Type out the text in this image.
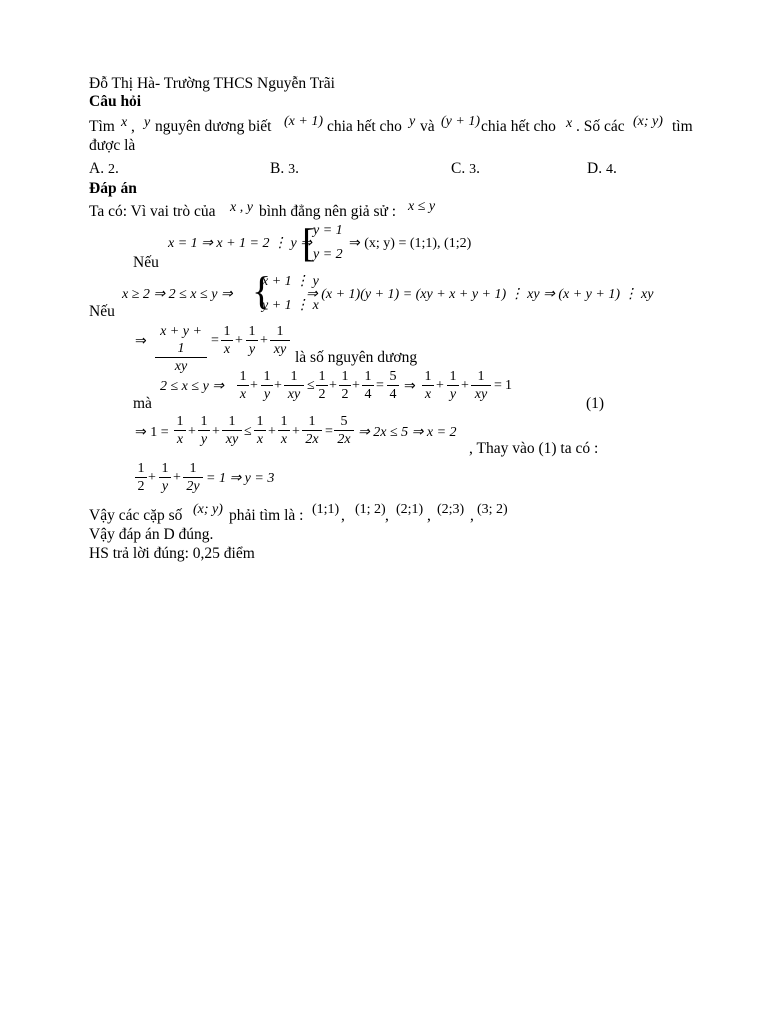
Đỗ Thị Hà- Trường THCS Nguyễn Trãi
Câu hỏi
Tìm x , y nguyên dương biết (x + 1) chia hết cho y và (y + 1) chia hết cho x . Số các (x; y) tìm
được là
A. 2.	B. 3.	C. 3.	D. 4.
Đáp án
Ta có: Vì vai trò của x , y bình đẳng nên giả sử : x ≤ y
x = 1 ⇒ x + 1 = 2 ⋮ y ⇒
[
y = 1
y = 2
⇒ (x; y) = (1;1), (1;2)
Nếu
x ≥ 2 ⇒ 2 ≤ x ≤ y ⇒ {
x + 1 ⋮ y
y + 1 ⋮ x
⇒ (x + 1)(y + 1) = (xy + x + y + 1) ⋮ xy ⇒ (x + y + 1) ⋮ xy
Nếu
⇒ $\frac{x + y + 1}{xy} = \frac{1}{x} + \frac{1}{y} + \frac{1}{xy}$ là số nguyên dương
2 ≤ x ≤ y ⇒ $\frac{1}{x} + \frac{1}{y} + \frac{1}{xy} \le \frac{1}{2} + \frac{1}{2} + \frac{1}{4} = \frac{5}{4}$ ⇒ $\frac{1}{x} + \frac{1}{y} + \frac{1}{xy} = 1$
mà	(1)
⇒ $1 = \frac{1}{x} + \frac{1}{y} + \frac{1}{xy} \le \frac{1}{x} + \frac{1}{x} + \frac{1}{2x} = \frac{5}{2x}$ ⇒ 2x ≤ 5 ⇒ x = 2
, Thay vào (1) ta có :
$\frac{1}{2} + \frac{1}{y} + \frac{1}{2y} = 1$ ⇒ y = 3
Vậy các cặp số (x; y) phải tìm là : (1;1) , (1; 2) , (2;1) , (2;3) , (3; 2)
Vậy đáp án D đúng.
HS trả lời đúng: 0,25 điểm
